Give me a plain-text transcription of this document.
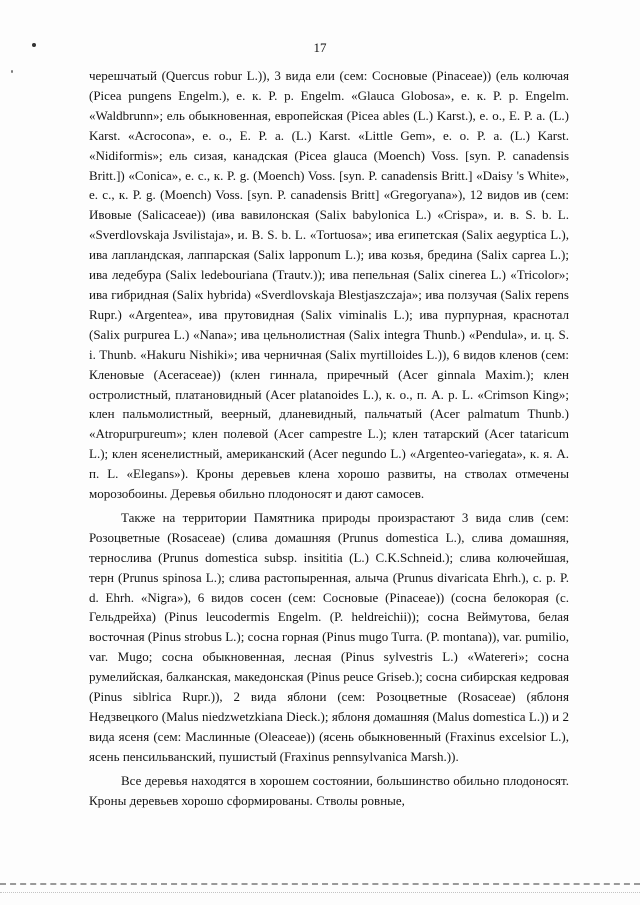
17

черешчатый (Quercus robur L.)), 3 вида ели (сем: Сосновые (Pinaceae)) (ель колючая (Picea pungens Engelm.), е. к. P. p. Engelm. «Glauca Globosa», е. к. P. p. Engelm. «Waldbrunn»; ель обыкновенная, европейская (Picea ables (L.) Karst.), е. о., Е. Р. а. (L.) Karst. «Acrocona», е. о., Е. Р. а. (L.) Karst. «Little Gem», е. о. Р. а. (L.) Karst. «Nidiformis»; ель сизая, канадская (Picea glauca (Moench) Voss. [syn. P. canadensis Britt.]) «Conica», е. с., к. P. g. (Moench) Voss. [syn. P. canadensis Britt.] «Daisy 's White», е. с., к. P. g. (Moench) Voss. [syn. P. canadensis Britt] «Gregoryana»), 12 видов ив (сем: Ивовые (Salicaceae)) (ива вавилонская (Salix babylonica L.) «Crispa», и. в. S. b. L. «Sverdlovskaja Jsvilistaja», и. В. S. b. L. «Tortuosa»; ива египетская (Salix aegyptica L.), ива лапландская, лаппарская (Salix lapponum L.); ива козья, бредина (Salix caprea L.); ива ледебура (Salix ledebouriana (Trautv.)); ива пепельная (Salix cinerea L.) «Tricolor»; ива гибридная (Salix hybrida) «Sverdlovskaja Blestjaszczaja»; ива ползучая (Salix repens Rupr.) «Argentea», ива прутовидная (Salix viminalis L.); ива пурпурная, краснотал (Salix purpurea L.) «Nana»; ива цельнолистная (Salix integra Thunb.) «Pendula», и. ц. S. i. Thunb. «Hakuru Nishiki»; ива черничная (Salix myrtilloides L.)), 6 видов кленов (сем: Кленовые (Aceraceae)) (клен гиннала, приречный (Acer ginnala Maxim.); клен остролистный, платановидный (Acer platanoides L.), к. о., п. А. р. L. «Crimson King»; клен пальмолистный, веерный, дланевидный, пальчатый (Acer palmatum Thunb.) «Atropurpureum»; клен полевой (Acer campestre L.); клен татарский (Acer tataricum L.); клен ясенелистный, американский (Acer negundo L.) «Argenteo-variegata», к. я. А. п. L. «Elegans»). Кроны деревьев клена хорошо развиты, на стволах отмечены морозобоины. Деревья обильно плодоносят и дают самосев.

Также на территории Памятника природы произрастают 3 вида слив (сем: Розоцветные (Rosaceae) (слива домашняя (Prunus domestica L.), слива домашняя, тернослива (Prunus domestica subsp. insititia (L.) C.K.Schneid.); слива колючейшая, терн (Prunus spinosa L.); слива растопыренная, алыча (Prunus divaricata Ehrh.), с. р. P. d. Ehrh. «Nigra»), 6 видов сосен (сем: Сосновые (Pinaceae)) (сосна белокорая (с. Гельдрейха) (Pinus leucodermis Engelm. (P. heldreichii)); сосна Веймутова, белая восточная (Pinus strobus L.); сосна горная (Pinus mugo Turra. (P. montana)), var. pumilio, var. Mugo; сосна обыкновенная, лесная (Pinus sylvestris L.) «Watereri»; сосна румелийская, балканская, македонская (Pinus peuce Griseb.); сосна сибирская кедровая (Pinus siblrica Rupr.)), 2 вида яблони (сем: Розоцветные (Rosaceae) (яблоня Недзвецкого (Malus niedzwetzkiana Dieck.); яблоня домашняя (Malus domestica L.)) и 2 вида ясеня (сем: Маслинные (Oleaceae)) (ясень обыкновенный (Fraxinus excelsior L.), ясень пенсильванский, пушистый (Fraxinus pennsylvanica Marsh.)).

Все деревья находятся в хорошем состоянии, большинство обильно плодоносят. Кроны деревьев хорошо сформированы. Стволы ровные,
